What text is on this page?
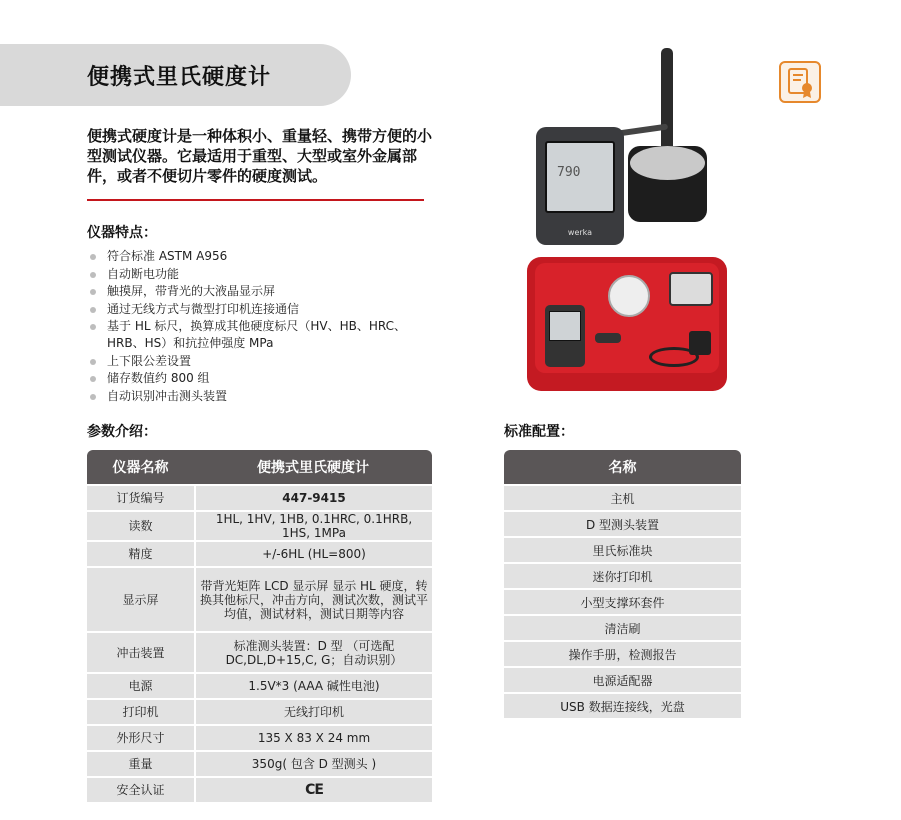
便携式里氏硬度计

便携式硬度计是一种体积小、重量轻、携带方便的小型测试仪器。它最适用于重型、大型或室外金属部件，或者不便切片零件的硬度测试。

仪器特点：
符合标准 ASTM A956
自动断电功能
触摸屏，带背光的大液晶显示屏
通过无线方式与微型打印机连接通信
基于 HL 标尺，换算成其他硬度标尺（HV、HB、HRC、HRB、HS）和抗拉伸强度 MPa
上下限公差设置
储存数值约 800 组
自动识别冲击测头装置
790
werka
参数介绍：	标准配置：
仪器名称	便携式里氏硬度计
订货编号	447-9415
读数	1HL, 1HV, 1HB, 0.1HRC, 0.1HRB, 1HS, 1MPa
精度	+/-6HL (HL=800)
显示屏	带背光矩阵 LCD 显示屏 显示 HL 硬度，转换其他标尺，冲击方向，测试次数，测试平均值，测试材料，测试日期等内容
冲击装置	标准测头装置：D 型 （可选配 DC,DL,D+15,C, G；自动识别）
电源	1.5V*3 (AAA 碱性电池)
打印机	无线打印机
外形尺寸	135 X 83 X 24 mm
重量	350g( 包含 D 型测头 )
安全认证	CE
名称
主机
D 型测头装置
里氏标准块
迷你打印机
小型支撑环套件
清洁刷
操作手册，检测报告
电源适配器
USB 数据连接线，光盘
